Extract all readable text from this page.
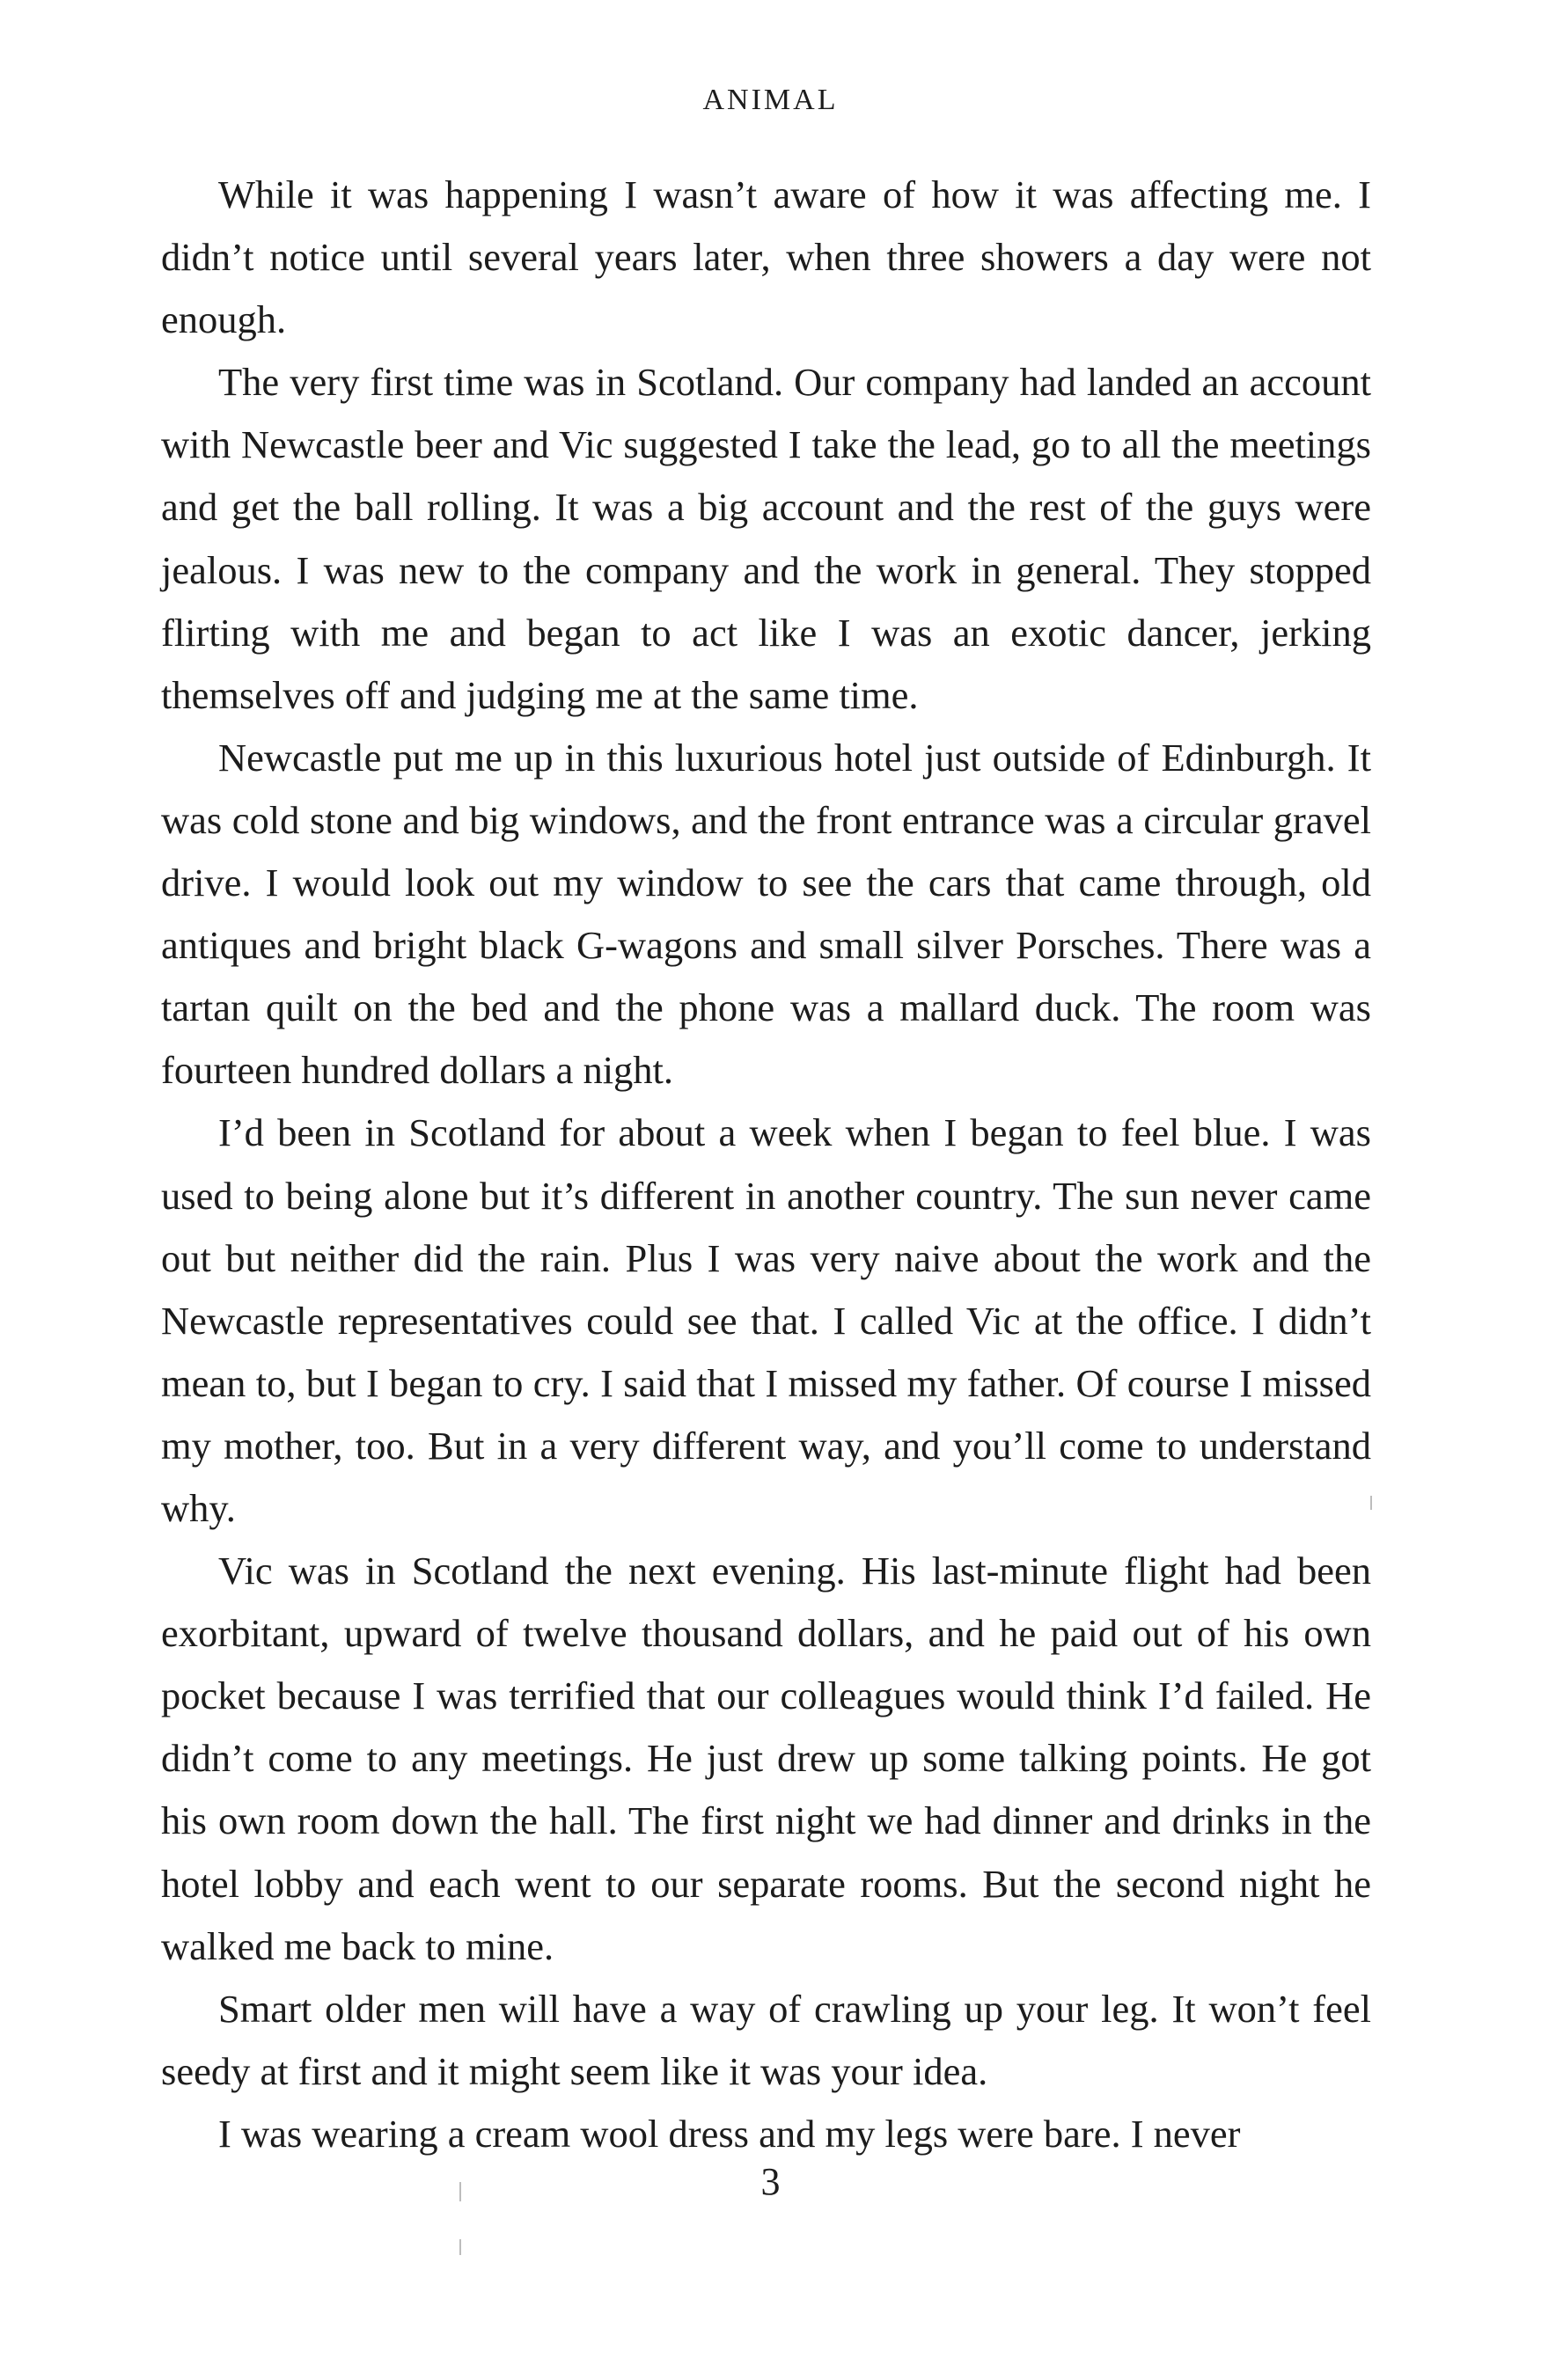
ANIMAL

While it was happening I wasn’t aware of how it was affecting me. I didn’t notice until several years later, when three showers a day were not enough.

The very first time was in Scotland. Our company had landed an account with Newcastle beer and Vic suggested I take the lead, go to all the meetings and get the ball rolling. It was a big account and the rest of the guys were jealous. I was new to the company and the work in general. They stopped flirting with me and began to act like I was an exotic dancer, jerking themselves off and judging me at the same time.

Newcastle put me up in this luxurious hotel just outside of Edinburgh. It was cold stone and big windows, and the front entrance was a circular gravel drive. I would look out my window to see the cars that came through, old antiques and bright black G-wagons and small silver Porsches. There was a tartan quilt on the bed and the phone was a mallard duck. The room was fourteen hundred dollars a night.

I’d been in Scotland for about a week when I began to feel blue. I was used to being alone but it’s different in another country. The sun never came out but neither did the rain. Plus I was very naive about the work and the Newcastle representatives could see that. I called Vic at the office. I didn’t mean to, but I began to cry. I said that I missed my father. Of course I missed my mother, too. But in a very different way, and you’ll come to understand why.

Vic was in Scotland the next evening. His last-minute flight had been exorbitant, upward of twelve thousand dollars, and he paid out of his own pocket because I was terrified that our colleagues would think I’d failed. He didn’t come to any meetings. He just drew up some talking points. He got his own room down the hall. The first night we had dinner and drinks in the hotel lobby and each went to our separate rooms. But the second night he walked me back to mine.

Smart older men will have a way of crawling up your leg. It won’t feel seedy at first and it might seem like it was your idea.

I was wearing a cream wool dress and my legs were bare. I never

3
